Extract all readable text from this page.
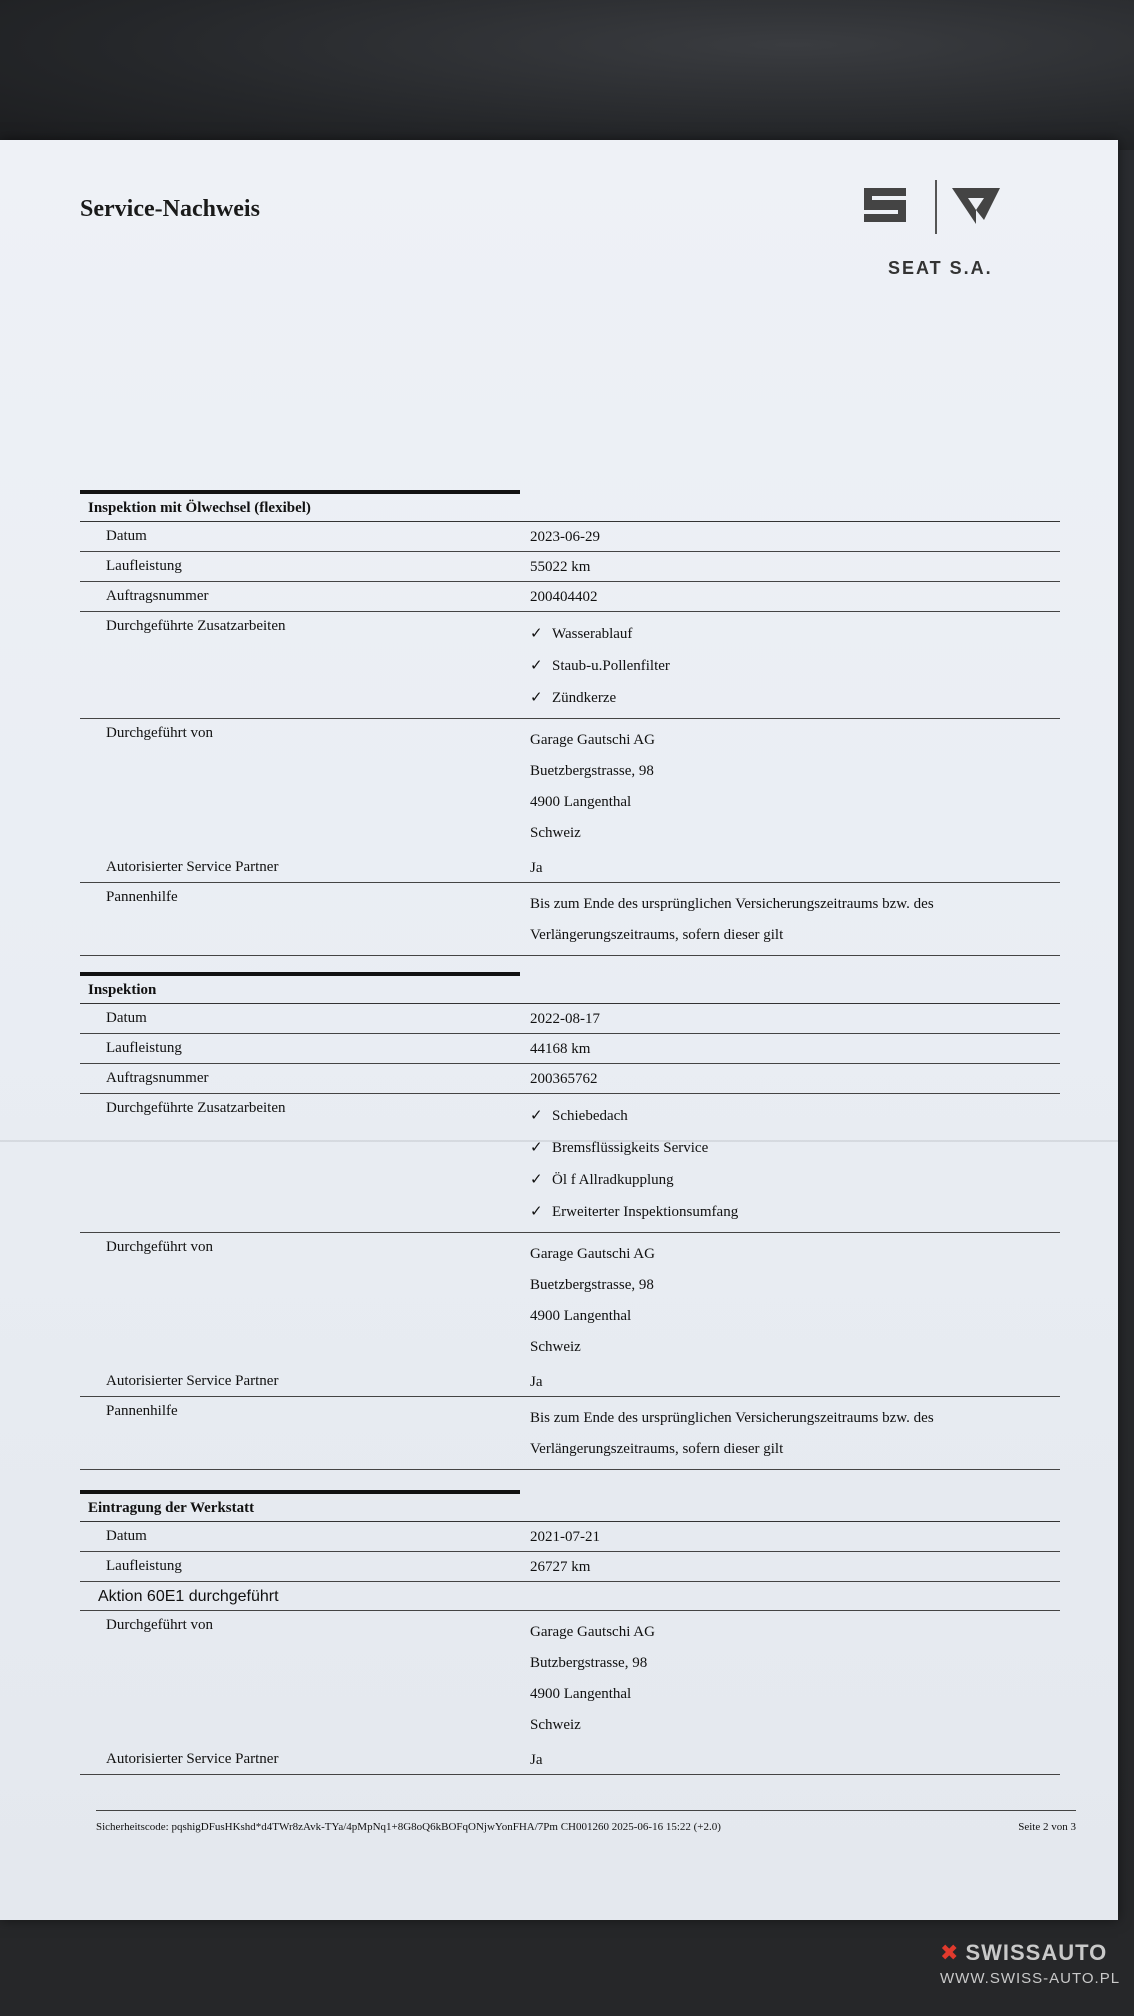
Service-Nachweis
SEAT S.A.
Inspektion mit Ölwechsel (flexibel)
Datum	2023-06-29
Laufleistung	55022 km
Auftragsnummer	200404402
Durchgeführte Zusatzarbeiten	✓ Wasserablauf
✓ Staub-u.Pollenfilter
✓ Zündkerze
Durchgeführt von	Garage Gautschi AG
Buetzbergstrasse, 98
4900 Langenthal
Schweiz
Autorisierter Service Partner	Ja
Pannenhilfe	Bis zum Ende des ursprünglichen Versicherungszeitraums bzw. des
Verlängerungszeitraums, sofern dieser gilt
Inspektion
Datum	2022-08-17
Laufleistung	44168 km
Auftragsnummer	200365762
Durchgeführte Zusatzarbeiten	✓ Schiebedach
✓ Bremsflüssigkeits Service
✓ Öl f Allradkupplung
✓ Erweiterter Inspektionsumfang
Durchgeführt von	Garage Gautschi AG
Buetzbergstrasse, 98
4900 Langenthal
Schweiz
Autorisierter Service Partner	Ja
Pannenhilfe	Bis zum Ende des ursprünglichen Versicherungszeitraums bzw. des
Verlängerungszeitraums, sofern dieser gilt
Eintragung der Werkstatt
Datum	2021-07-21
Laufleistung	26727 km
Aktion 60E1 durchgeführt
Durchgeführt von	Garage Gautschi AG
Butzbergstrasse, 98
4900 Langenthal
Schweiz
Autorisierter Service Partner	Ja
Sicherheitscode: pqshigDFusHKshd*d4TWr8zAvk-TYa/4pMpNq1+8G8oQ6kBOFqONjwYonFHA/7Pm CH001260 2025-06-16 15:22 (+2.0)	Seite 2 von 3
✖ SWISSAUTO
WWW.SWISS-AUTO.PL
